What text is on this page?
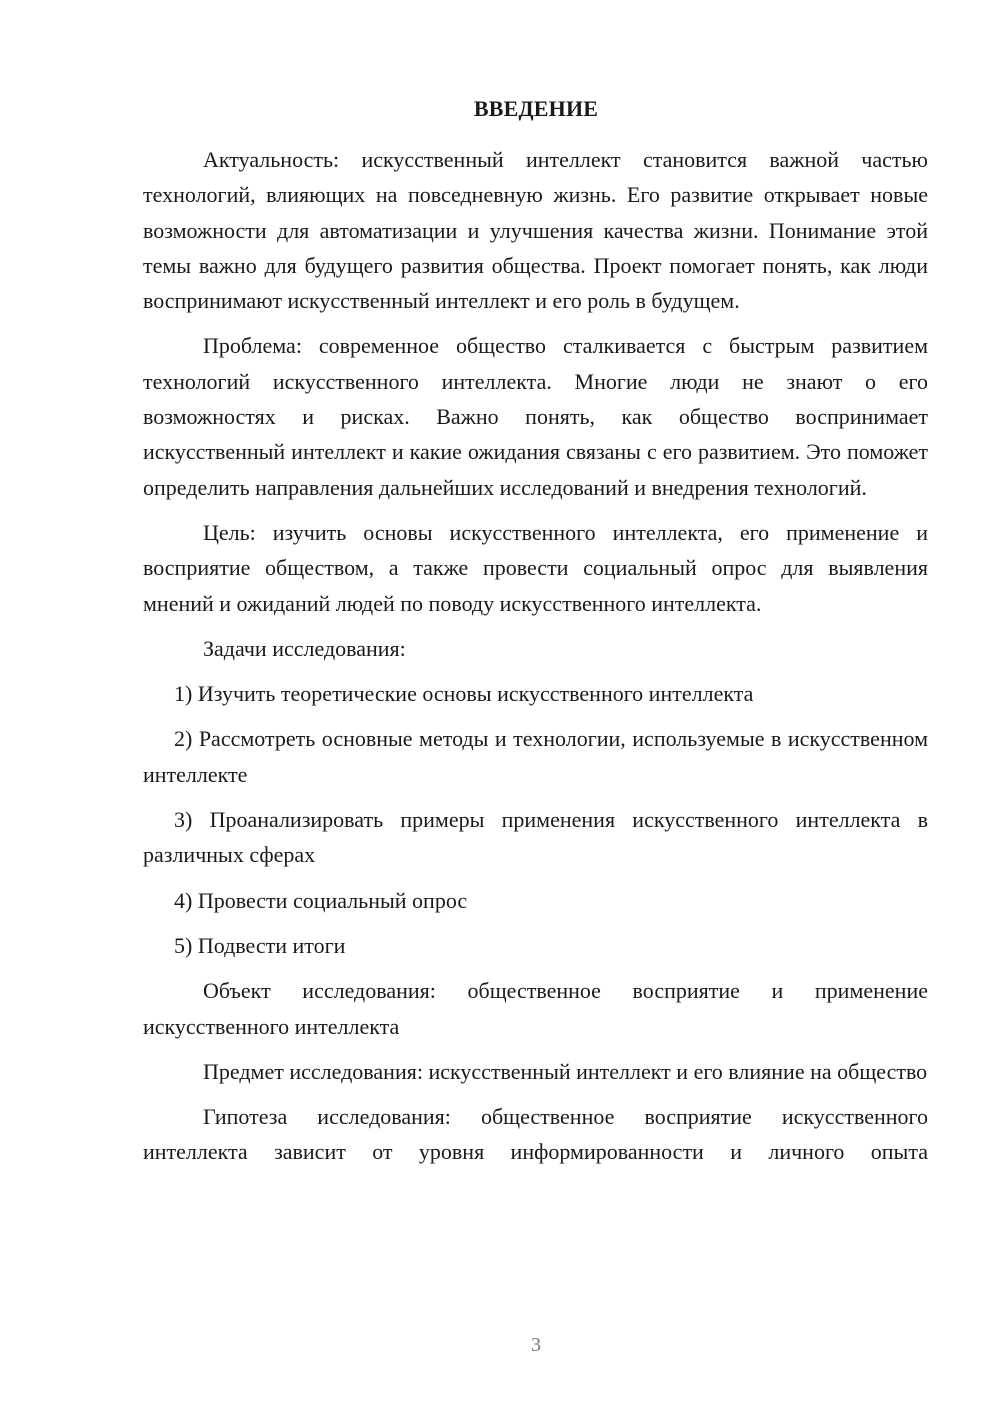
ВВЕДЕНИЕ

Актуальность: искусственный интеллект становится важной частью технологий, влияющих на повседневную жизнь. Его развитие открывает новые возможности для автоматизации и улучшения качества жизни. Понимание этой темы важно для будущего развития общества. Проект помогает понять, как люди воспринимают искусственный интеллект и его роль в будущем.

Проблема: современное общество сталкивается с быстрым развитием технологий искусственного интеллекта. Многие люди не знают о его возможностях и рисках. Важно понять, как общество воспринимает искусственный интеллект и какие ожидания связаны с его развитием. Это поможет определить направления дальнейших исследований и внедрения технологий.

Цель: изучить основы искусственного интеллекта, его применение и восприятие обществом, а также провести социальный опрос для выявления мнений и ожиданий людей по поводу искусственного интеллекта.

Задачи исследования:

1) Изучить теоретические основы искусственного интеллекта

2) Рассмотреть основные методы и технологии, используемые в искусственном интеллекте

3) Проанализировать примеры применения искусственного интеллекта в различных сферах

4) Провести социальный опрос

5) Подвести итоги

Объект исследования: общественное восприятие и применение искусственного интеллекта

Предмет исследования: искусственный интеллект и его влияние на общество

Гипотеза исследования: общественное восприятие искусственного интеллекта зависит от уровня информированности и личного опыта

3
